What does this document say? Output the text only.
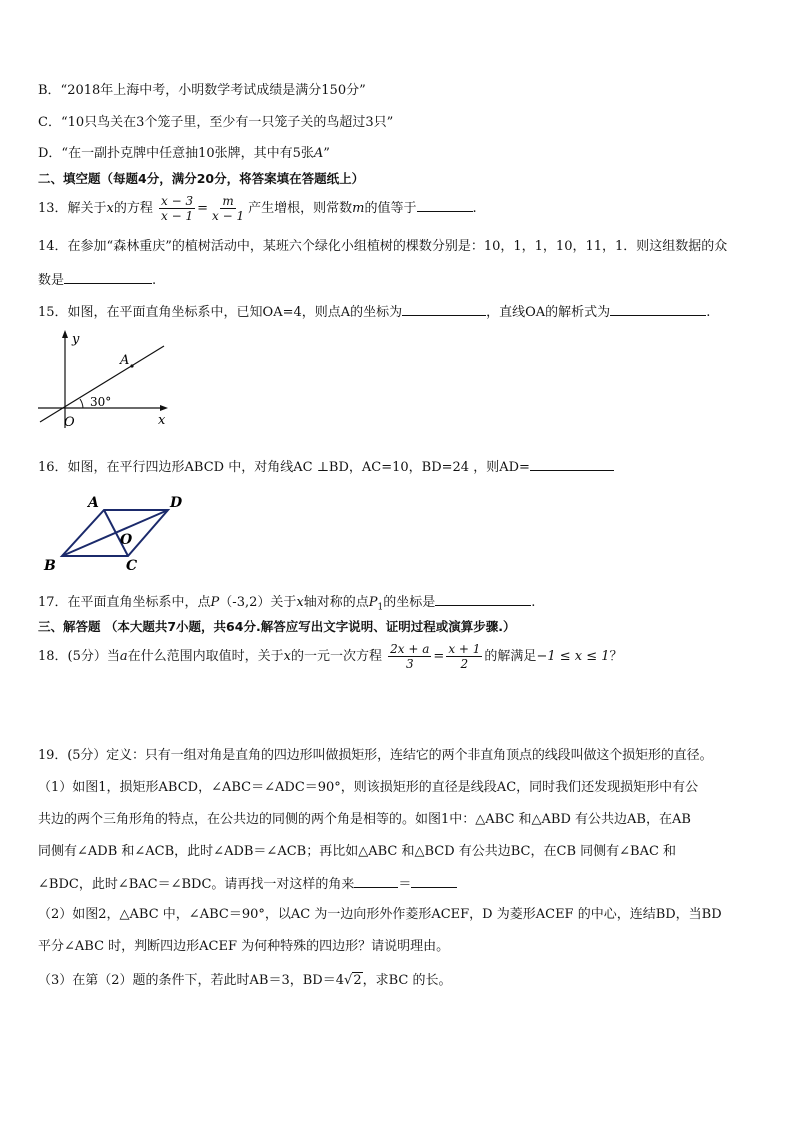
B．“2018年上海中考，小明数学考试成绩是满分150分”
C．“10只鸟关在3个笼子里，至少有一只笼子关的鸟超过3只”
D．“在一副扑克牌中任意抽10张牌，其中有5张A”
二、填空题（每题4分，满分20分，将答案填在答题纸上）
13．解关于x的方程 $\frac{x - 3}{x - 1} = \frac{m}{x - 1}$ 产生增根，则常数m的值等于	.
14．在参加“森林重庆”的植树活动中，某班六个绿化小组植树的棵数分别是：10，1，1，10，11，1．则这组数据的众
数是	.
15．如图，在平面直角坐标系中，已知OA=4，则点A的坐标为	，直线OA的解析式为	.
y
A
30°
O	x
16．如图，在平行四边形ABCD 中，对角线AC ⊥BD，AC=10，BD=24 ，则AD=
A	D
O
B	C
17．在平面直角坐标系中，点P（-3,2）关于x轴对称的点$P_1$的坐标是	.
三、解答题 （本大题共7小题，共64分.解答应写出文字说明、证明过程或演算步骤.）
18．(5分）当a在什么范围内取值时，关于x的一元一次方程 $\frac{2x + a}{3} = \frac{x + 1}{2}$ 的解满足−1 ≤ x ≤ 1？
19．(5分）定义：只有一组对角是直角的四边形叫做损矩形，连结它的两个非直角顶点的线段叫做这个损矩形的直径。
（1）如图1，损矩形ABCD，∠ABC＝∠ADC＝90°，则该损矩形的直径是线段AC，同时我们还发现损矩形中有公
共边的两个三角形角的特点，在公共边的同侧的两个角是相等的。如图1中：△ABC 和△ABD 有公共边AB，在AB
同侧有∠ADB 和∠ACB，此时∠ADB＝∠ACB；再比如△ABC 和△BCD 有公共边BC，在CB 同侧有∠BAC 和
∠BDC，此时∠BAC＝∠BDC。请再找一对这样的角来	＝
（2）如图2，△ABC 中，∠ABC＝90°，以AC 为一边向形外作菱形ACEF，D 为菱形ACEF 的中心，连结BD，当BD
平分∠ABC 时，判断四边形ACEF 为何种特殊的四边形？请说明理由。
（3）在第（2）题的条件下，若此时AB＝3，BD＝4√2，求BC 的长。
